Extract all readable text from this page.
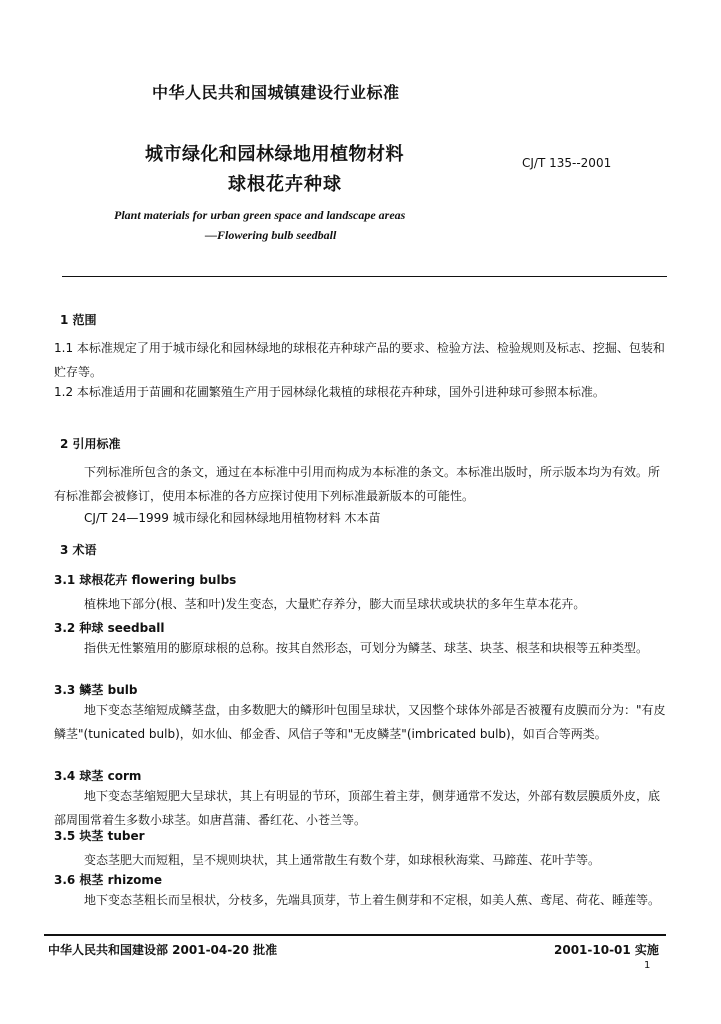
中华人民共和国城镇建设行业标准
城市绿化和园林绿地用植物材料
球根花卉种球
CJ/T 135--2001
Plant materials for urban green space and landscape areas
—Flowering bulb seedball
1 范围
1.1 本标准规定了用于城市绿化和园林绿地的球根花卉种球产品的要求、检验方法、检验规则及标志、挖掘、包装和贮存等。
1.2 本标准适用于苗圃和花圃繁殖生产用于园林绿化栽植的球根花卉种球，国外引进种球可参照本标准。
2 引用标准
下列标准所包含的条文，通过在本标准中引用而构成为本标准的条文。本标准出版时，所示版本均为有效。所有标准都会被修订，使用本标准的各方应探讨使用下列标准最新版本的可能性。
CJ/T 24—1999 城市绿化和园林绿地用植物材料 木本苗
3 术语
3.1 球根花卉 flowering bulbs
植株地下部分(根、茎和叶)发生变态，大量贮存养分，膨大而呈球状或块状的多年生草本花卉。
3.2 种球 seedball
指供无性繁殖用的膨原球根的总称。按其自然形态，可划分为鳞茎、球茎、块茎、根茎和块根等五种类型。
3.3 鳞茎 bulb
地下变态茎缩短成鳞茎盘，由多数肥大的鳞形叶包围呈球状，又因整个球体外部是否被覆有皮膜而分为："有皮鳞茎"(tunicated bulb)，如水仙、郁金香、风信子等和"无皮鳞茎"(imbricated bulb)，如百合等两类。
3.4 球茎 corm
地下变态茎缩短肥大呈球状，其上有明显的节环，顶部生着主芽，侧芽通常不发达，外部有数层膜质外皮，底部周围常着生多数小球茎。如唐菖蒲、番红花、小苍兰等。
3.5 块茎 tuber
变态茎肥大而短粗，呈不规则块状，其上通常散生有数个芽，如球根秋海棠、马蹄莲、花叶芋等。
3.6 根茎 rhizome
地下变态茎粗长而呈根状，分枝多，先端具顶芽，节上着生侧芽和不定根，如美人蕉、鸢尾、荷花、睡莲等。
中华人民共和国建设部 2001-04-20 批准	2001-10-01 实施
1
